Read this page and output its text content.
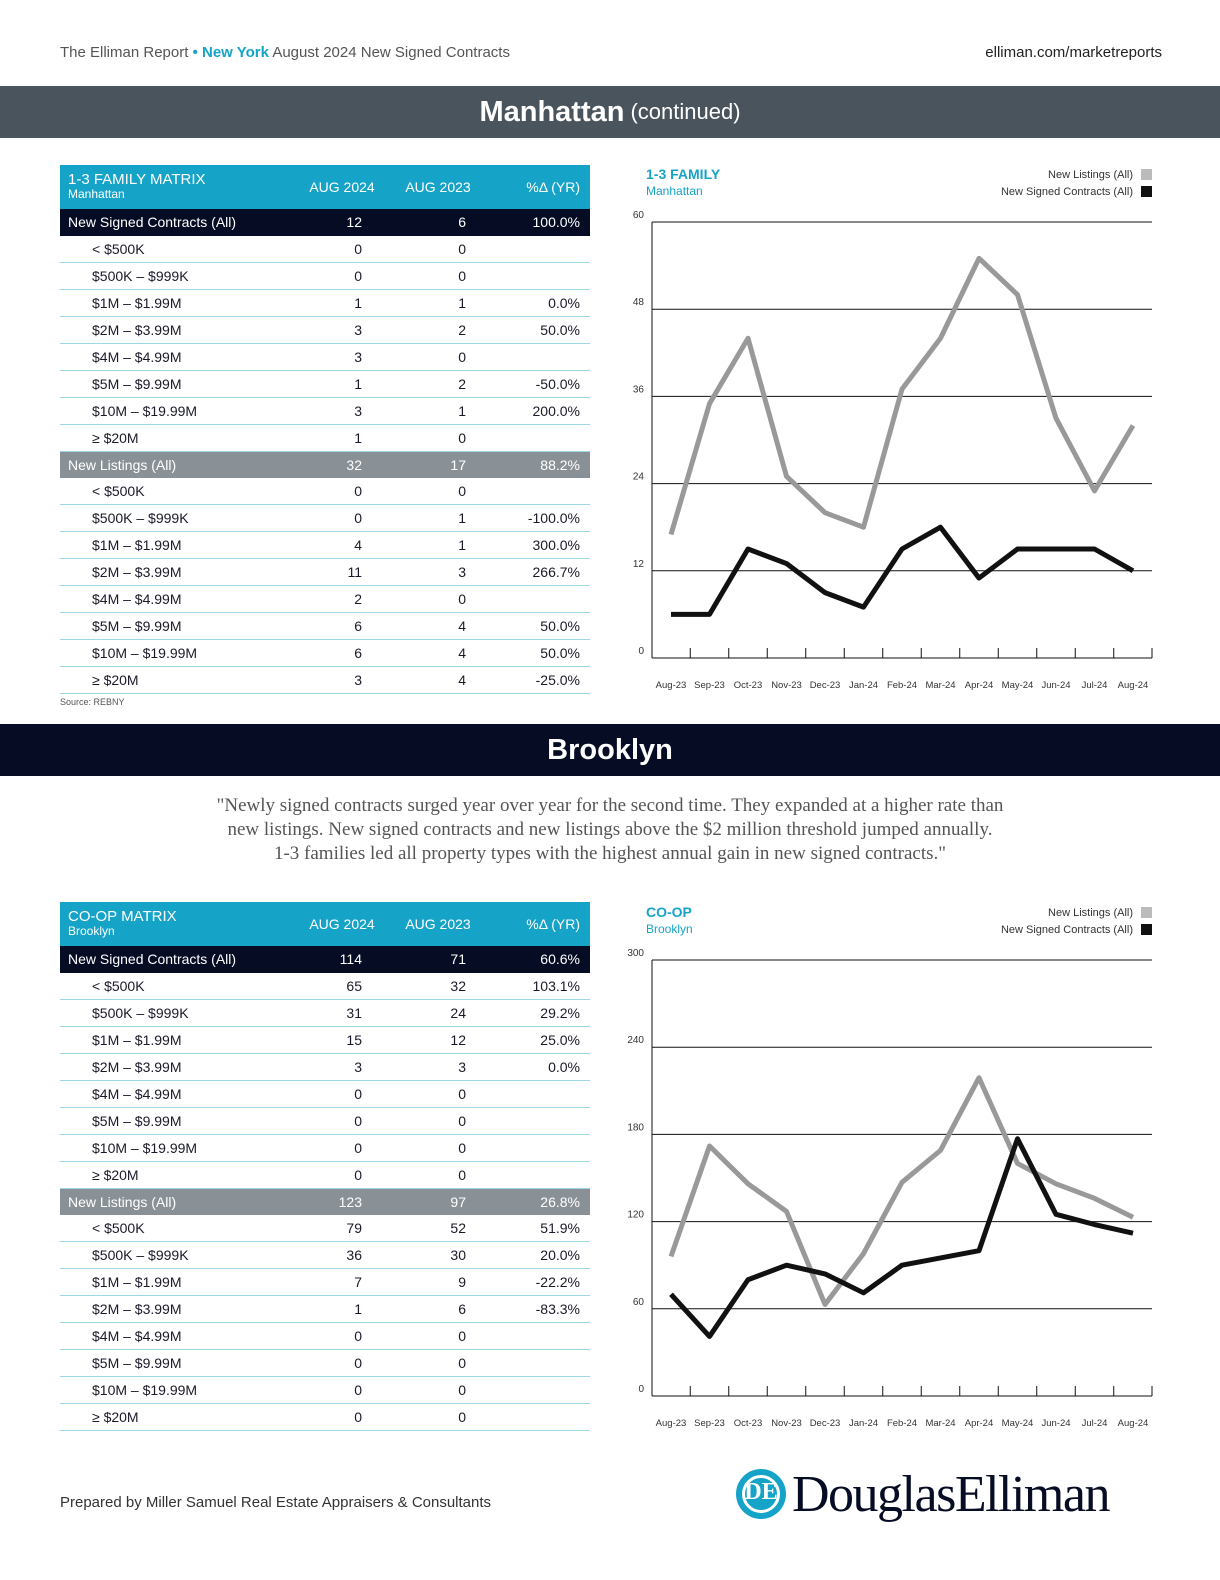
The Elliman Report • New York August 2024 New Signed Contracts	elliman.com/marketreports
Manhattan (continued)
1-3 FAMILY MATRIX
Manhattan	AUG 2024	AUG 2023	%Δ (YR)
New Signed Contracts (All)	12	6	100.0%
< $500K	0	0	
$500K – $999K	0	0	
$1M – $1.99M	1	1	0.0%
$2M – $3.99M	3	2	50.0%
$4M – $4.99M	3	0	
$5M – $9.99M	1	2	-50.0%
$10M – $19.99M	3	1	200.0%
≥ $20M	1	0	
New Listings (All)	32	17	88.2%
< $500K	0	0	
$500K – $999K	0	1	-100.0%
$1M – $1.99M	4	1	300.0%
$2M – $3.99M	11	3	266.7%
$4M – $4.99M	2	0	
$5M – $9.99M	6	4	50.0%
$10M – $19.99M	6	4	50.0%
≥ $20M	3	4	-25.0%
Source: REBNY
1-3 FAMILY
Manhattan
New Listings (All)
New Signed Contracts (All)
0
12
24
36
48
60
Aug-23 Sep-23 Oct-23 Nov-23 Dec-23 Jan-24 Feb-24 Mar-24 Apr-24 May-24 Jun-24 Jul-24 Aug-24
Brooklyn
"Newly signed contracts surged year over year for the second time. They expanded at a higher rate than
new listings. New signed contracts and new listings above the $2 million threshold jumped annually.
1-3 families led all property types with the highest annual gain in new signed contracts."
CO-OP MATRIX
Brooklyn	AUG 2024	AUG 2023	%Δ (YR)
New Signed Contracts (All)	114	71	60.6%
< $500K	65	32	103.1%
$500K – $999K	31	24	29.2%
$1M – $1.99M	15	12	25.0%
$2M – $3.99M	3	3	0.0%
$4M – $4.99M	0	0	
$5M – $9.99M	0	0	
$10M – $19.99M	0	0	
≥ $20M	0	0	
New Listings (All)	123	97	26.8%
< $500K	79	52	51.9%
$500K – $999K	36	30	20.0%
$1M – $1.99M	7	9	-22.2%
$2M – $3.99M	1	6	-83.3%
$4M – $4.99M	0	0	
$5M – $9.99M	0	0	
$10M – $19.99M	0	0	
≥ $20M	0	0	
CO-OP
Brooklyn
New Listings (All)
New Signed Contracts (All)
0
60
120
180
240
300
Aug-23 Sep-23 Oct-23 Nov-23 Dec-23 Jan-24 Feb-24 Mar-24 Apr-24 May-24 Jun-24 Jul-24 Aug-24
Prepared by Miller Samuel Real Estate Appraisers & Consultants	DE DouglasElliman
